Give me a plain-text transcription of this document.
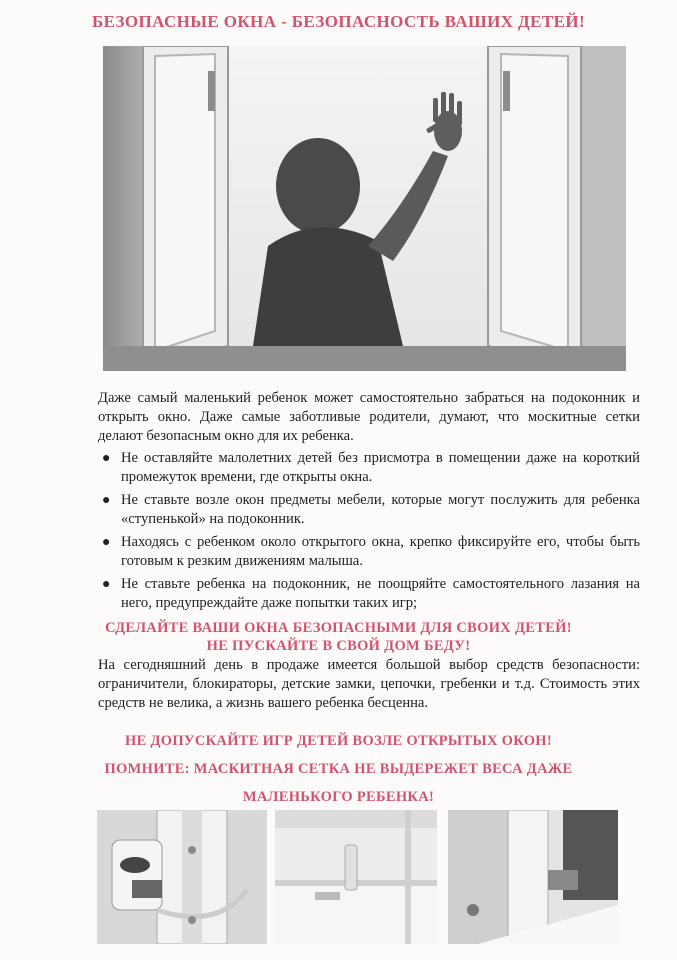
БЕЗОПАСНЫЕ ОКНА - БЕЗОПАСНОСТЬ ВАШИХ ДЕТЕЙ!

Даже самый маленький ребенок может самостоятельно забраться на подоконник и открыть окно. Даже самые заботливые родители, думают, что москитные сетки делают безопасным окно для их ребенка.

● Не оставляйте малолетних детей без присмотра в помещении даже на короткий промежуток времени, где открыты окна.
● Не ставьте возле окон предметы мебели, которые могут послужить для ребенка «ступенькой» на подоконник.
● Находясь с ребенком около открытого окна, крепко фиксируйте его, чтобы быть готовым к резким движениям малыша.
● Не ставьте ребенка на подоконник, не поощряйте самостоятельного лазания на него, предупреждайте даже попытки таких игр;
СДЕЛАЙТЕ ВАШИ ОКНА БЕЗОПАСНЫМИ ДЛЯ СВОИХ ДЕТЕЙ!
НЕ ПУСКАЙТЕ В СВОЙ ДОМ БЕДУ!

На сегодняшний день в продаже имеется большой выбор средств безопасности: ограничители, блокираторы, детские замки, цепочки, гребенки и т.д. Стоимость этих средств не велика, а жизнь вашего ребенка бесценна.

НЕ ДОПУСКАЙТЕ ИГР ДЕТЕЙ ВОЗЛЕ ОТКРЫТЫХ ОКОН!
ПОМНИТЕ: МАСКИТНАЯ СЕТКА НЕ ВЫДЕРЕЖЕТ ВЕСА ДАЖЕ
МАЛЕНЬКОГО РЕБЕНКА!
